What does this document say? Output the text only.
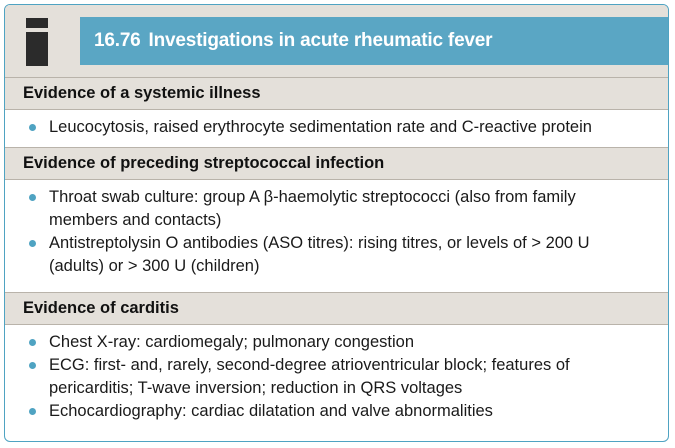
16.76 Investigations in acute rheumatic fever
Evidence of a systemic illness
Leucocytosis, raised erythrocyte sedimentation rate and C-reactive protein
Evidence of preceding streptococcal infection
Throat swab culture: group A β-haemolytic streptococci (also from family members and contacts)
Antistreptolysin O antibodies (ASO titres): rising titres, or levels of > 200 U (adults) or > 300 U (children)
Evidence of carditis
Chest X-ray: cardiomegaly; pulmonary congestion
ECG: first- and, rarely, second-degree atrioventricular block; features of pericarditis; T-wave inversion; reduction in QRS voltages
Echocardiography: cardiac dilatation and valve abnormalities
